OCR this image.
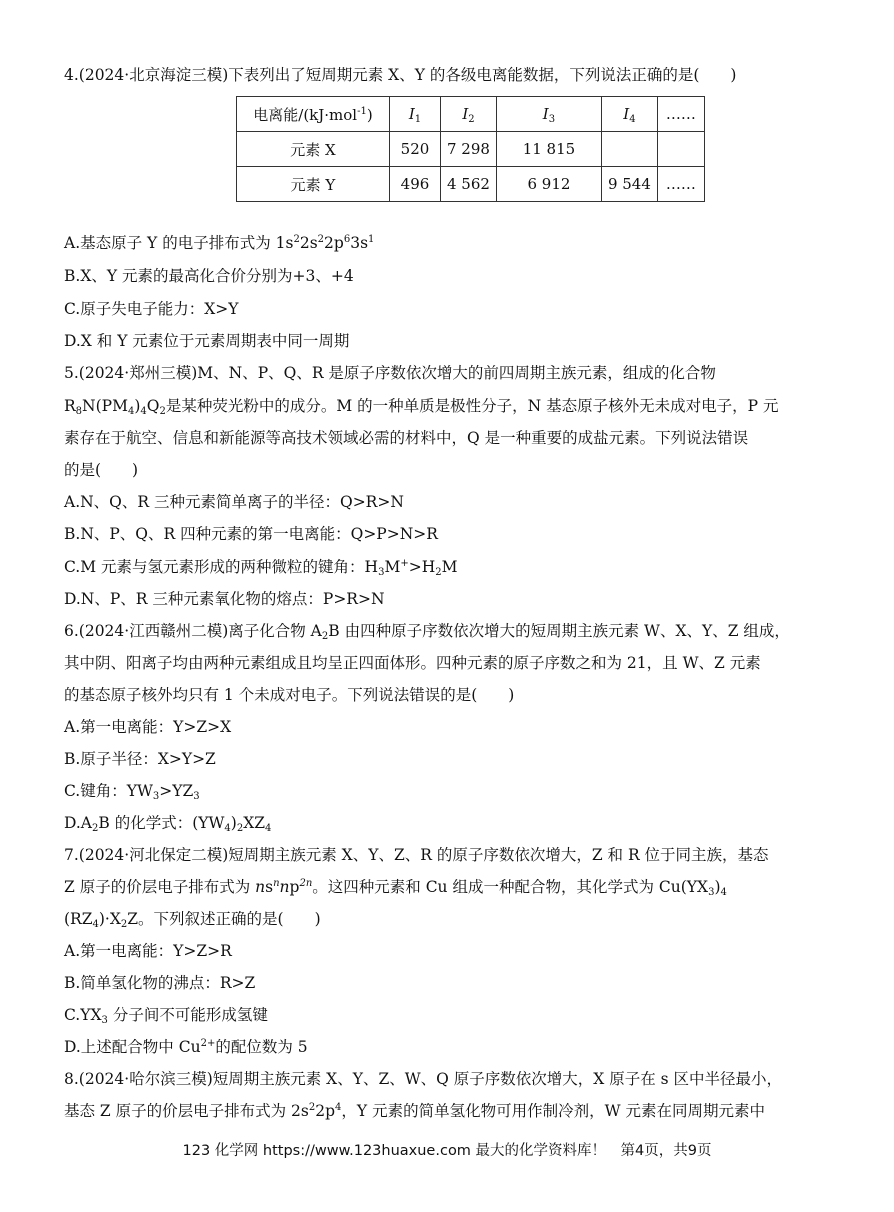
4.(2024·北京海淀三模)下表列出了短周期元素 X、Y 的各级电离能数据，下列说法正确的是(　　)
电离能/(kJ·mol$^{-1}$)	$I_1$	$I_2$	$I_3$	$I_4$	……
元素 X	520	7 298	11 815		
元素 Y	496	4 562	6 912	9 544	……
A.基态原子 Y 的电子排布式为 $1s^22s^22p^63s^1$
B.X、Y 元素的最高化合价分别为+3、+4
C.原子失电子能力：X>Y
D.X 和 Y 元素位于元素周期表中同一周期
5.(2024·郑州三模)M、N、P、Q、R 是原子序数依次增大的前四周期主族元素，组成的化合物
$R_8N(PM_4)_4Q_2$是某种荧光粉中的成分。M 的一种单质是极性分子，N 基态原子核外无未成对电子，P 元
素存在于航空、信息和新能源等高技术领域必需的材料中，Q 是一种重要的成盐元素。下列说法错误
的是(　　)
A.N、Q、R 三种元素简单离子的半径：Q>R>N
B.N、P、Q、R 四种元素的第一电离能：Q>P>N>R
C.M 元素与氢元素形成的两种微粒的键角：$H_3M^+>H_2M$
D.N、P、R 三种元素氧化物的熔点：P>R>N
6.(2024·江西赣州二模)离子化合物 $A_2B$ 由四种原子序数依次增大的短周期主族元素 W、X、Y、Z 组成，
其中阴、阳离子均由两种元素组成且均呈正四面体形。四种元素的原子序数之和为 21，且 W、Z 元素
的基态原子核外均只有 1 个未成对电子。下列说法错误的是(　　)
A.第一电离能：Y>Z>X
B.原子半径：X>Y>Z
C.键角：$YW_3>YZ_3$
$D.A_2B$ 的化学式：$(YW_4)_2XZ_4$
7.(2024·河北保定二模)短周期主族元素 X、Y、Z、R 的原子序数依次增大，Z 和 R 位于同主族，基态
Z 原子的价层电子排布式为 $ns^nnp^{2n}$。这四种元素和 Cu 组成一种配合物，其化学式为 $Cu(YX_3)_4$
$(RZ_4)\cdot X_2Z$。下列叙述正确的是(　　)
A.第一电离能：Y>Z>R
B.简单氢化物的沸点：R>Z
$C.YX_3$ 分子间不可能形成氢键
D.上述配合物中 $Cu^{2+}$的配位数为 5
8.(2024·哈尔滨三模)短周期主族元素 X、Y、Z、W、Q 原子序数依次增大，X 原子在 s 区中半径最小，
基态 Z 原子的价层电子排布式为 $2s^22p^4$，Y 元素的简单氢化物可用作制冷剂，W 元素在同周期元素中
123 化学网 https://www.123huaxue.com 最大的化学资料库！　第4页，共9页
